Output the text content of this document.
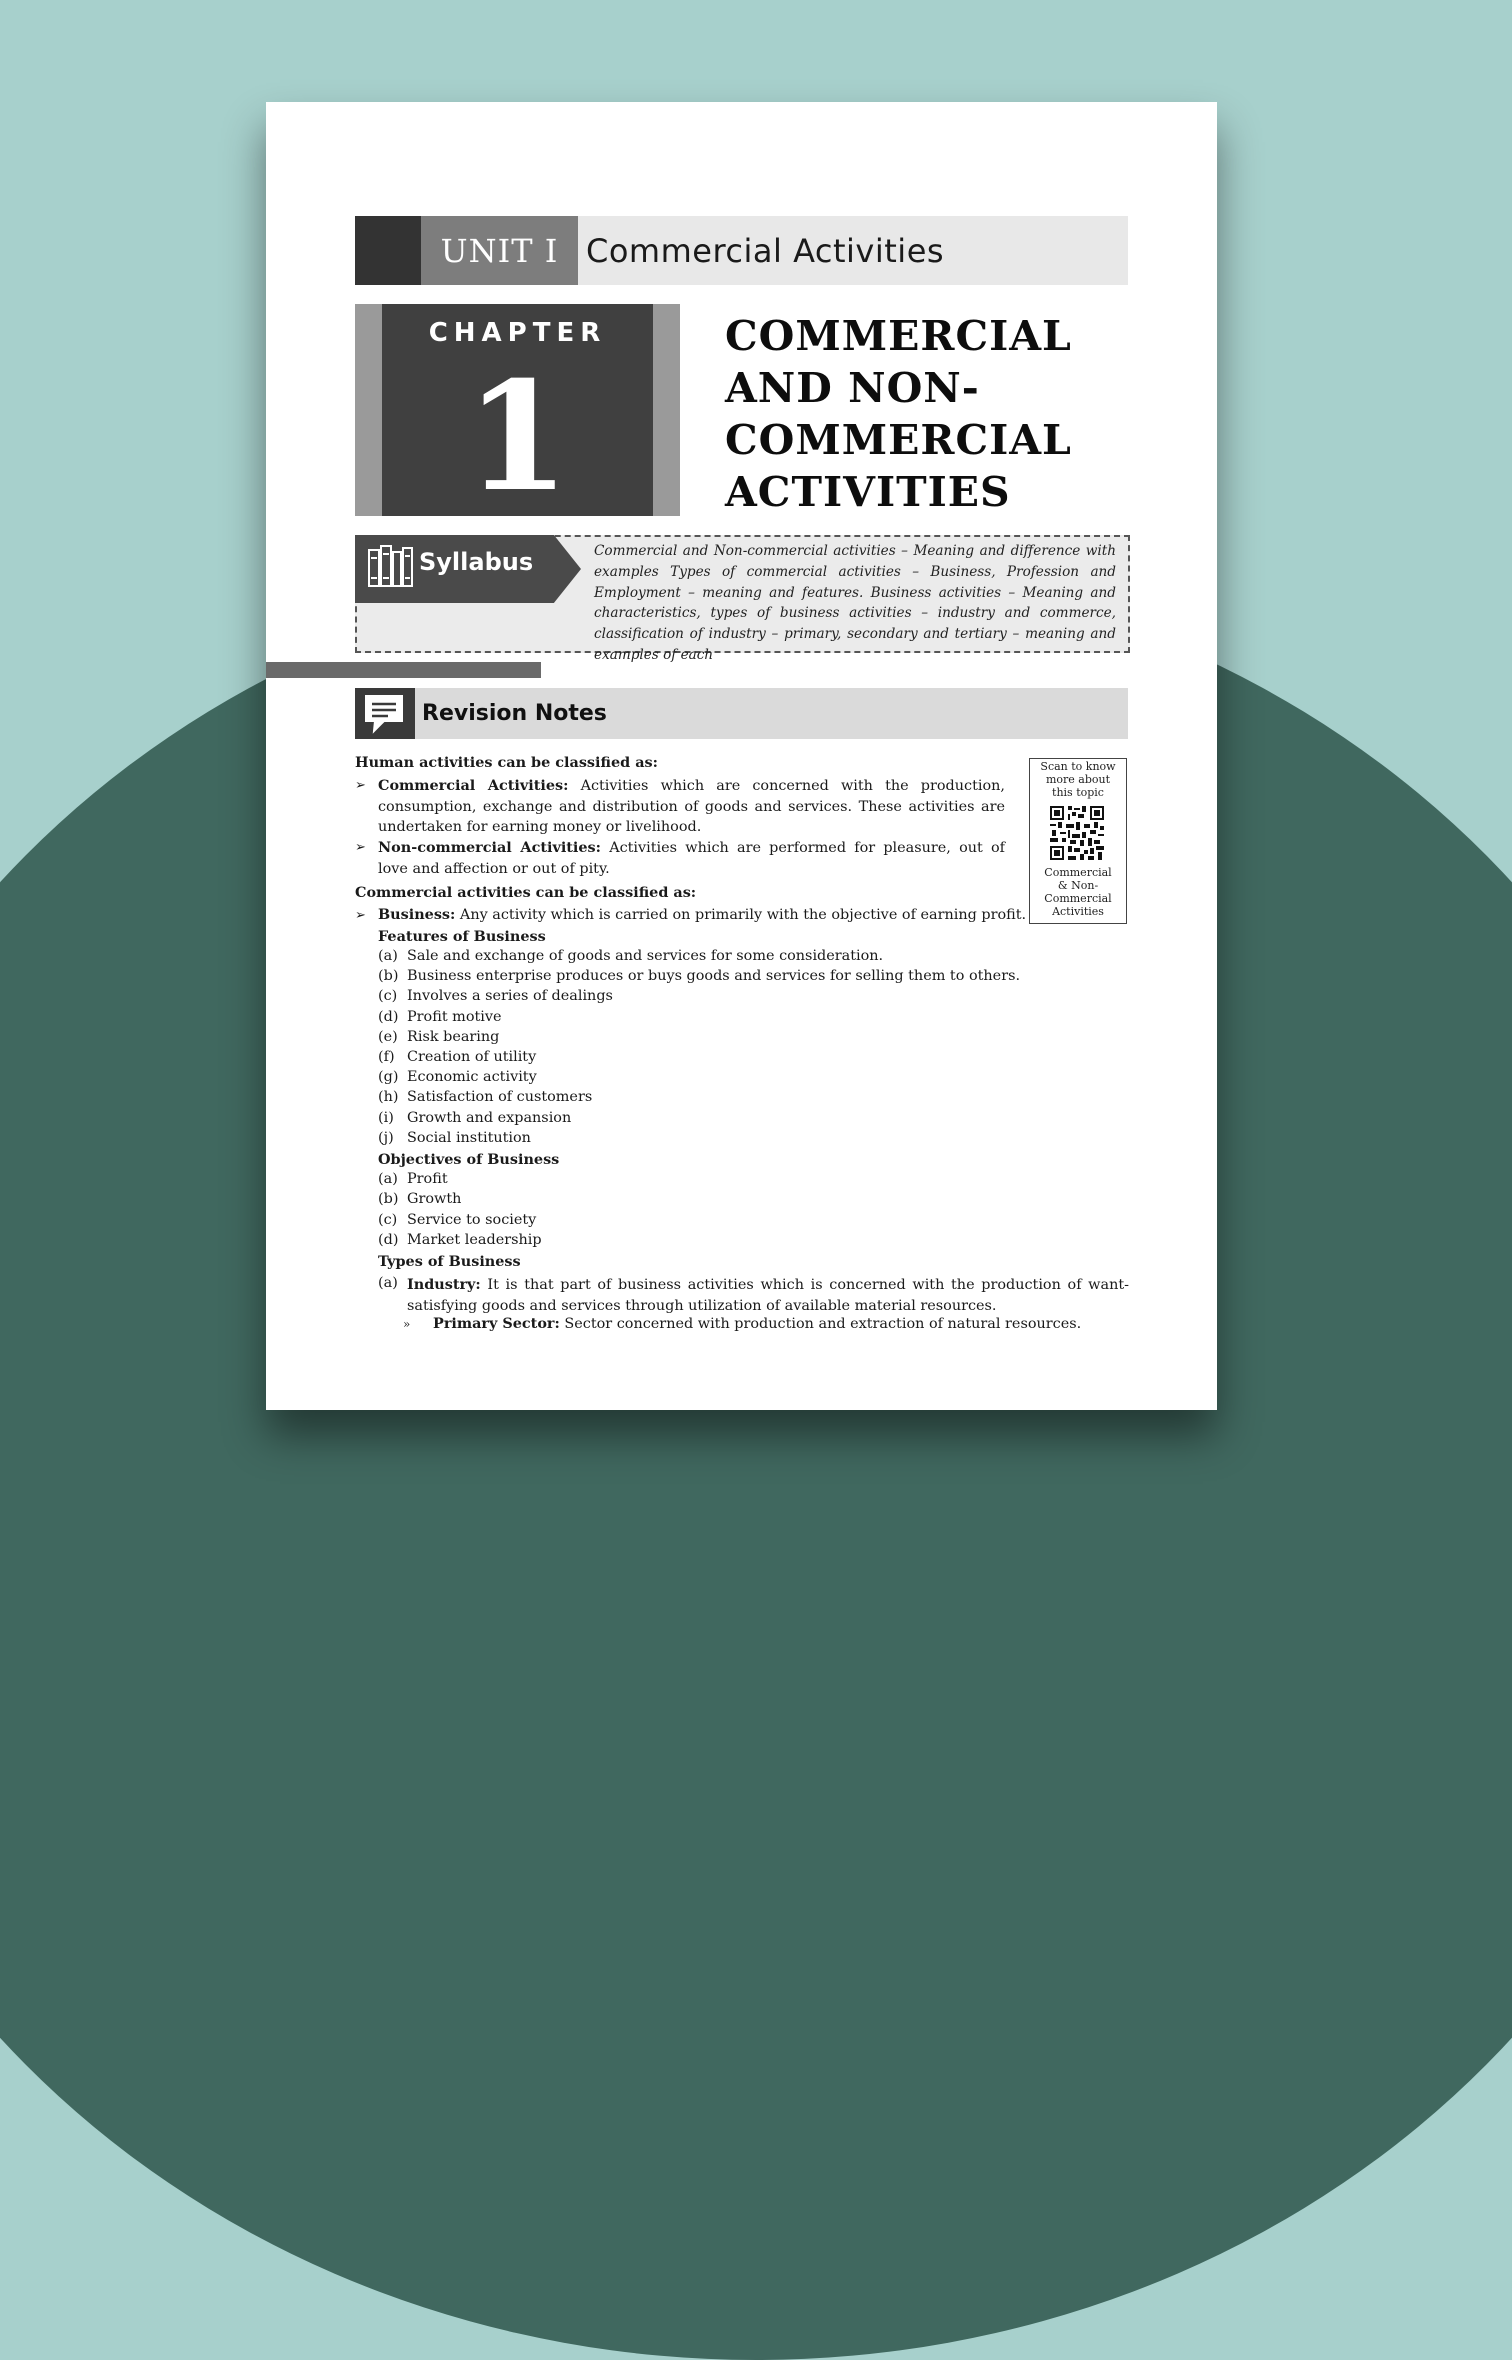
UNIT I Commercial Activities
CHAPTER
1
COMMERCIAL
AND NON-
COMMERCIAL
ACTIVITIES
Syllabus	Commercial and Non-commercial activities – Meaning and difference with examples Types of commercial activities – Business, Profession and Employment – meaning and features. Business activities – Meaning and characteristics, types of business activities – industry and commerce, classification of industry – primary, secondary and tertiary – meaning and examples of each
Revision Notes
Scan to know
more about
this topic
Commercial
& Non-
Commercial
Activities
Human activities can be classified as:
➢ Commercial Activities: Activities which are concerned with the production, consumption, exchange and distribution of goods and services. These activities are undertaken for earning money or livelihood.
➢ Non-commercial Activities: Activities which are performed for pleasure, out of love and affection or out of pity.
Commercial activities can be classified as:
➢ Business: Any activity which is carried on primarily with the objective of earning profit.
Features of Business
(a) Sale and exchange of goods and services for some consideration.
(b) Business enterprise produces or buys goods and services for selling them to others.
(c) Involves a series of dealings
(d) Profit motive
(e) Risk bearing
(f) Creation of utility
(g) Economic activity
(h) Satisfaction of customers
(i) Growth and expansion
(j) Social institution
Objectives of Business
(a) Profit
(b) Growth
(c) Service to society
(d) Market leadership
Types of Business
(a) Industry: It is that part of business activities which is concerned with the production of want-satisfying goods and services through utilization of available material resources.
» Primary Sector: Sector concerned with production and extraction of natural resources.
